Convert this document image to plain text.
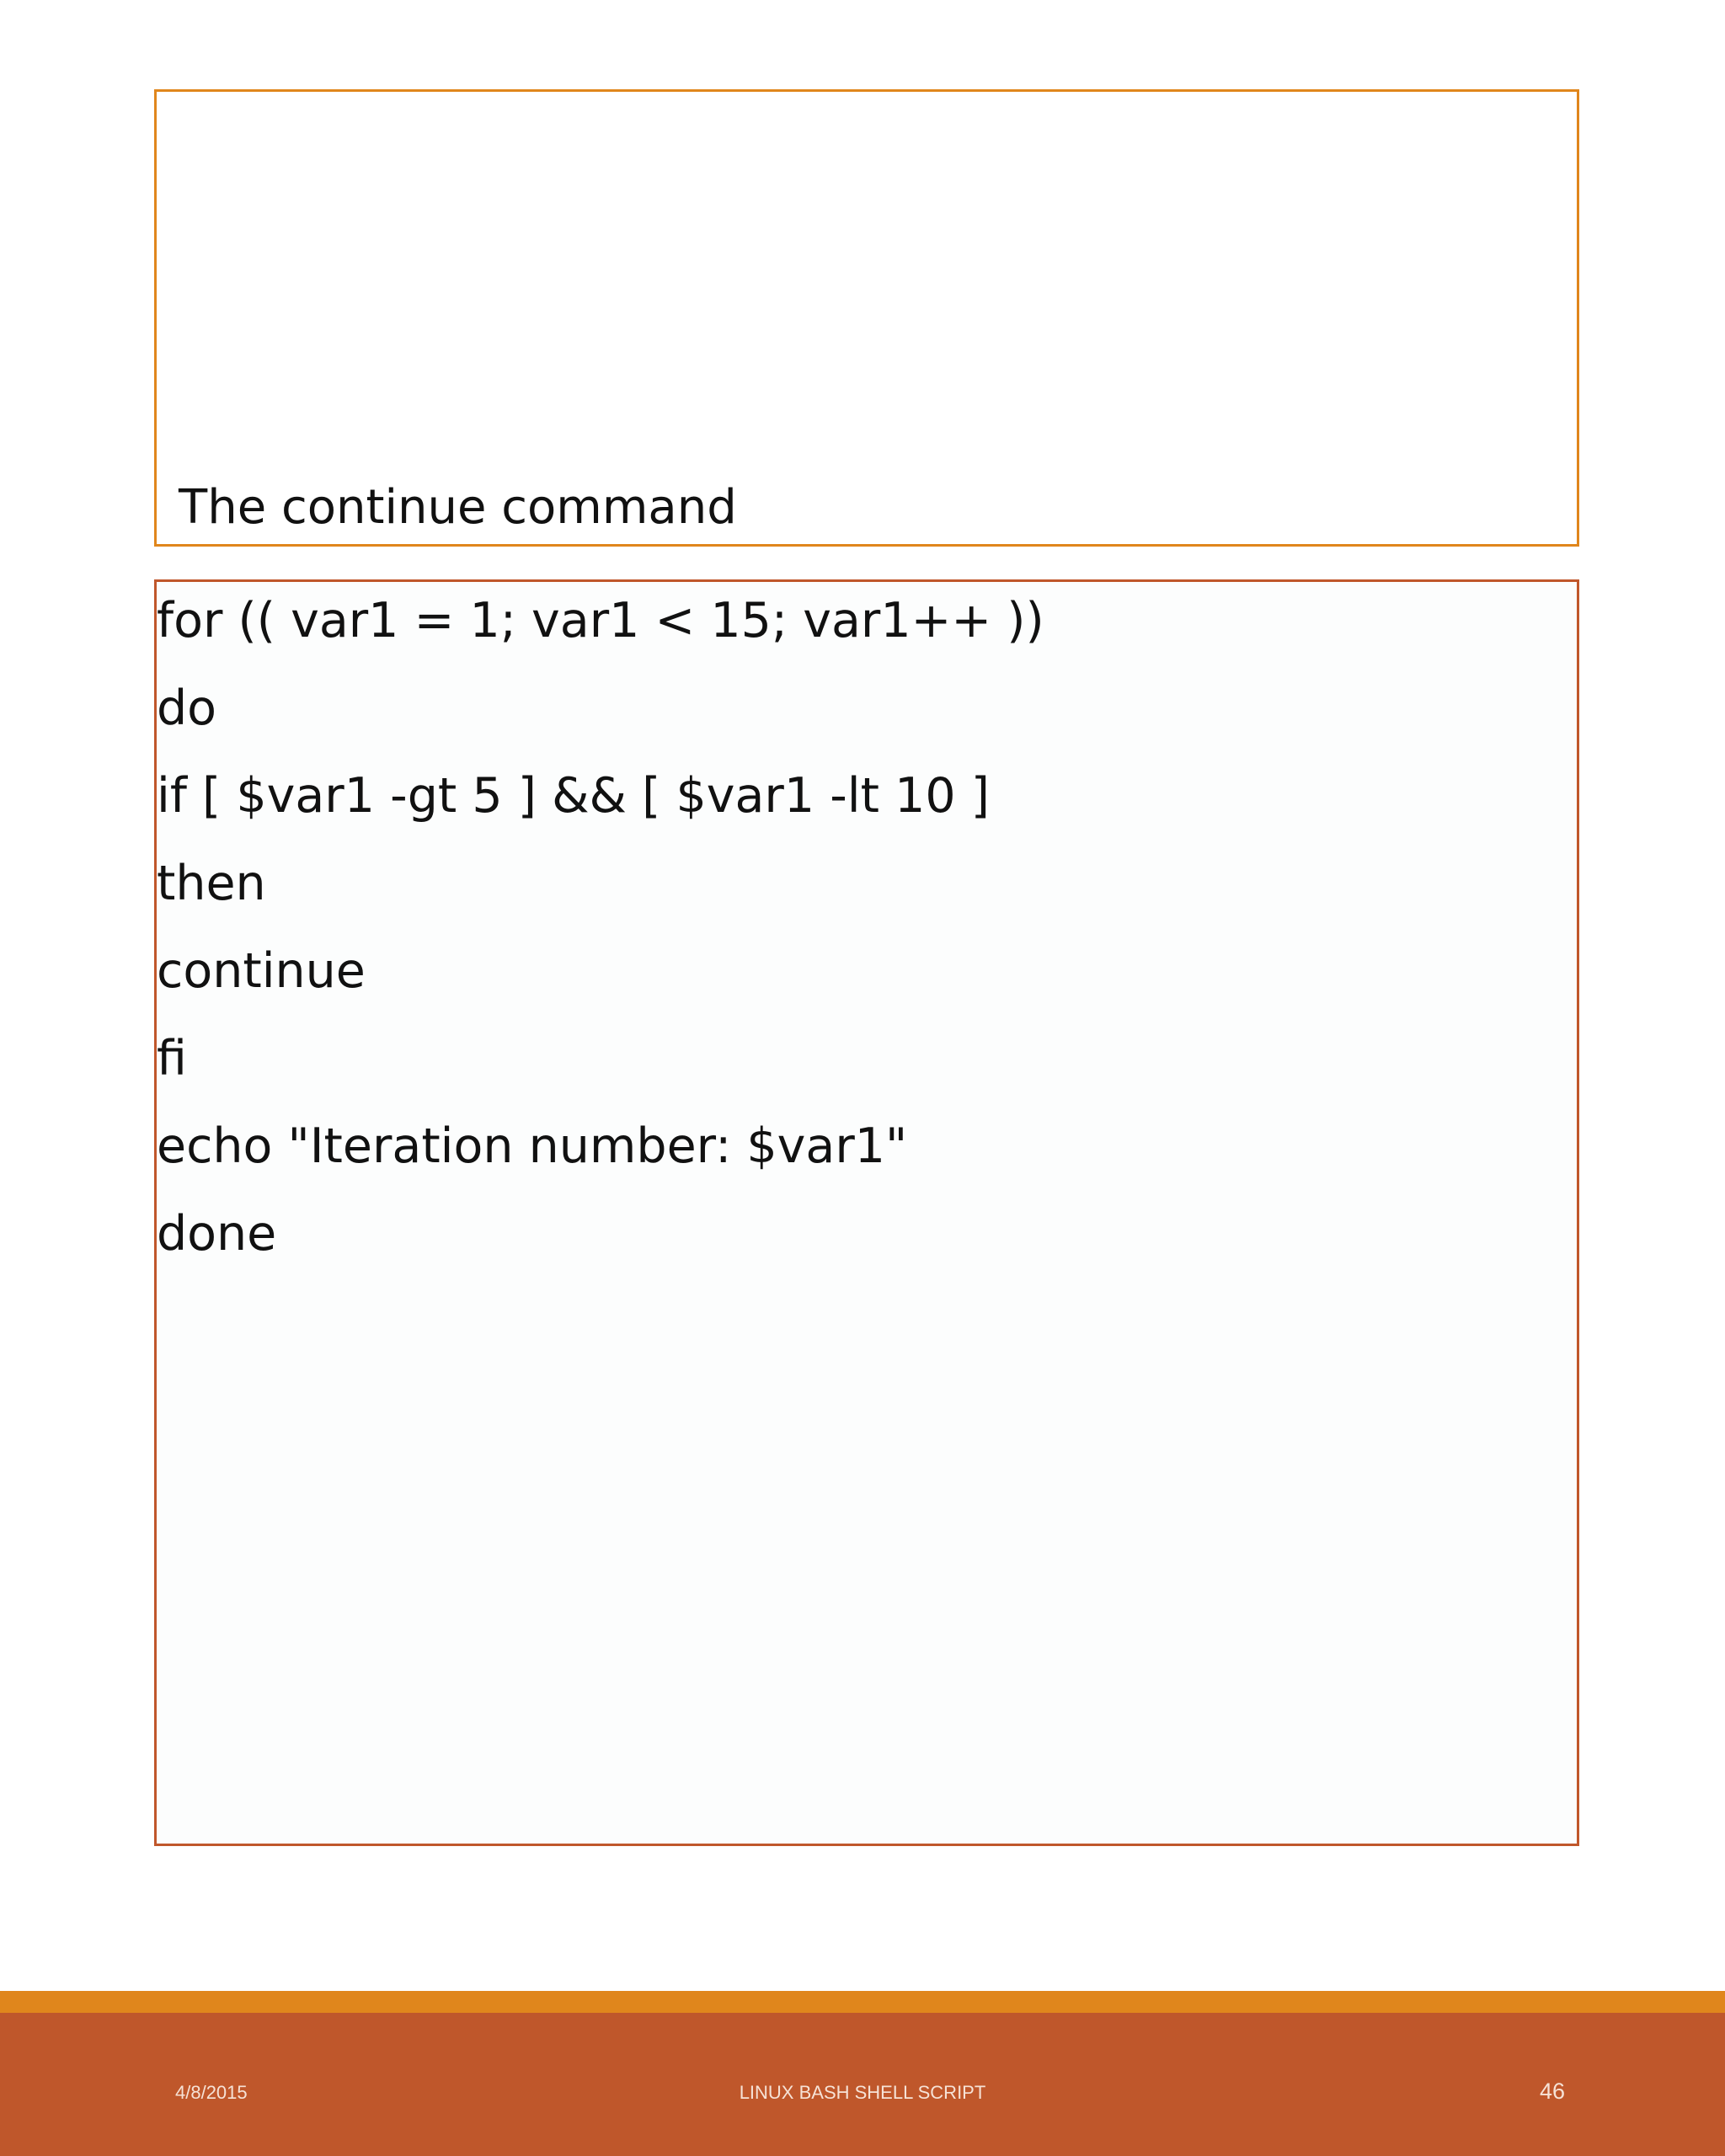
The continue command
for (( var1 = 1; var1 < 15; var1++ ))
do
if [ $var1 -gt 5 ] && [ $var1 -lt 10 ]
then
continue
fi
echo "Iteration number: $var1"
done
4/8/2015	LINUX BASH SHELL SCRIPT	46
